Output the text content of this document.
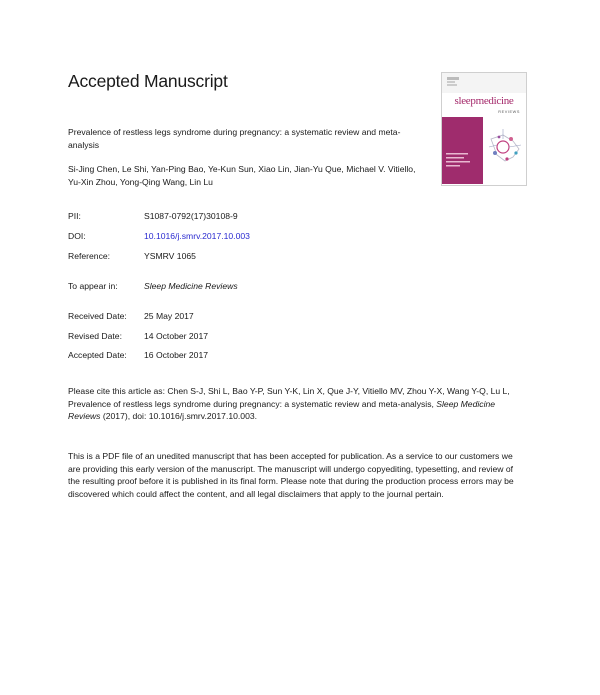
Accepted Manuscript
sleepmedicine
REVIEWS
Prevalence of restless legs syndrome during pregnancy: a systematic review and meta-analysis
Si-Jing Chen, Le Shi, Yan-Ping Bao, Ye-Kun Sun, Xiao Lin, Jian-Yu Que, Michael V. Vitiello, Yu-Xin Zhou, Yong-Qing Wang, Lin Lu
PII:	S1087-0792(17)30108-9
DOI:	10.1016/j.smrv.2017.10.003
Reference:	YSMRV 1065
To appear in:	Sleep Medicine Reviews
Received Date: 25 May 2017
Revised Date:	14 October 2017
Accepted Date: 16 October 2017
Please cite this article as: Chen S-J, Shi L, Bao Y-P, Sun Y-K, Lin X, Que J-Y, Vitiello MV, Zhou Y-X, Wang Y-Q, Lu L, Prevalence of restless legs syndrome during pregnancy: a systematic review and meta-analysis, Sleep Medicine Reviews (2017), doi: 10.1016/j.smrv.2017.10.003.
This is a PDF file of an unedited manuscript that has been accepted for publication. As a service to our customers we are providing this early version of the manuscript. The manuscript will undergo copyediting, typesetting, and review of the resulting proof before it is published in its final form. Please note that during the production process errors may be discovered which could affect the content, and all legal disclaimers that apply to the journal pertain.
